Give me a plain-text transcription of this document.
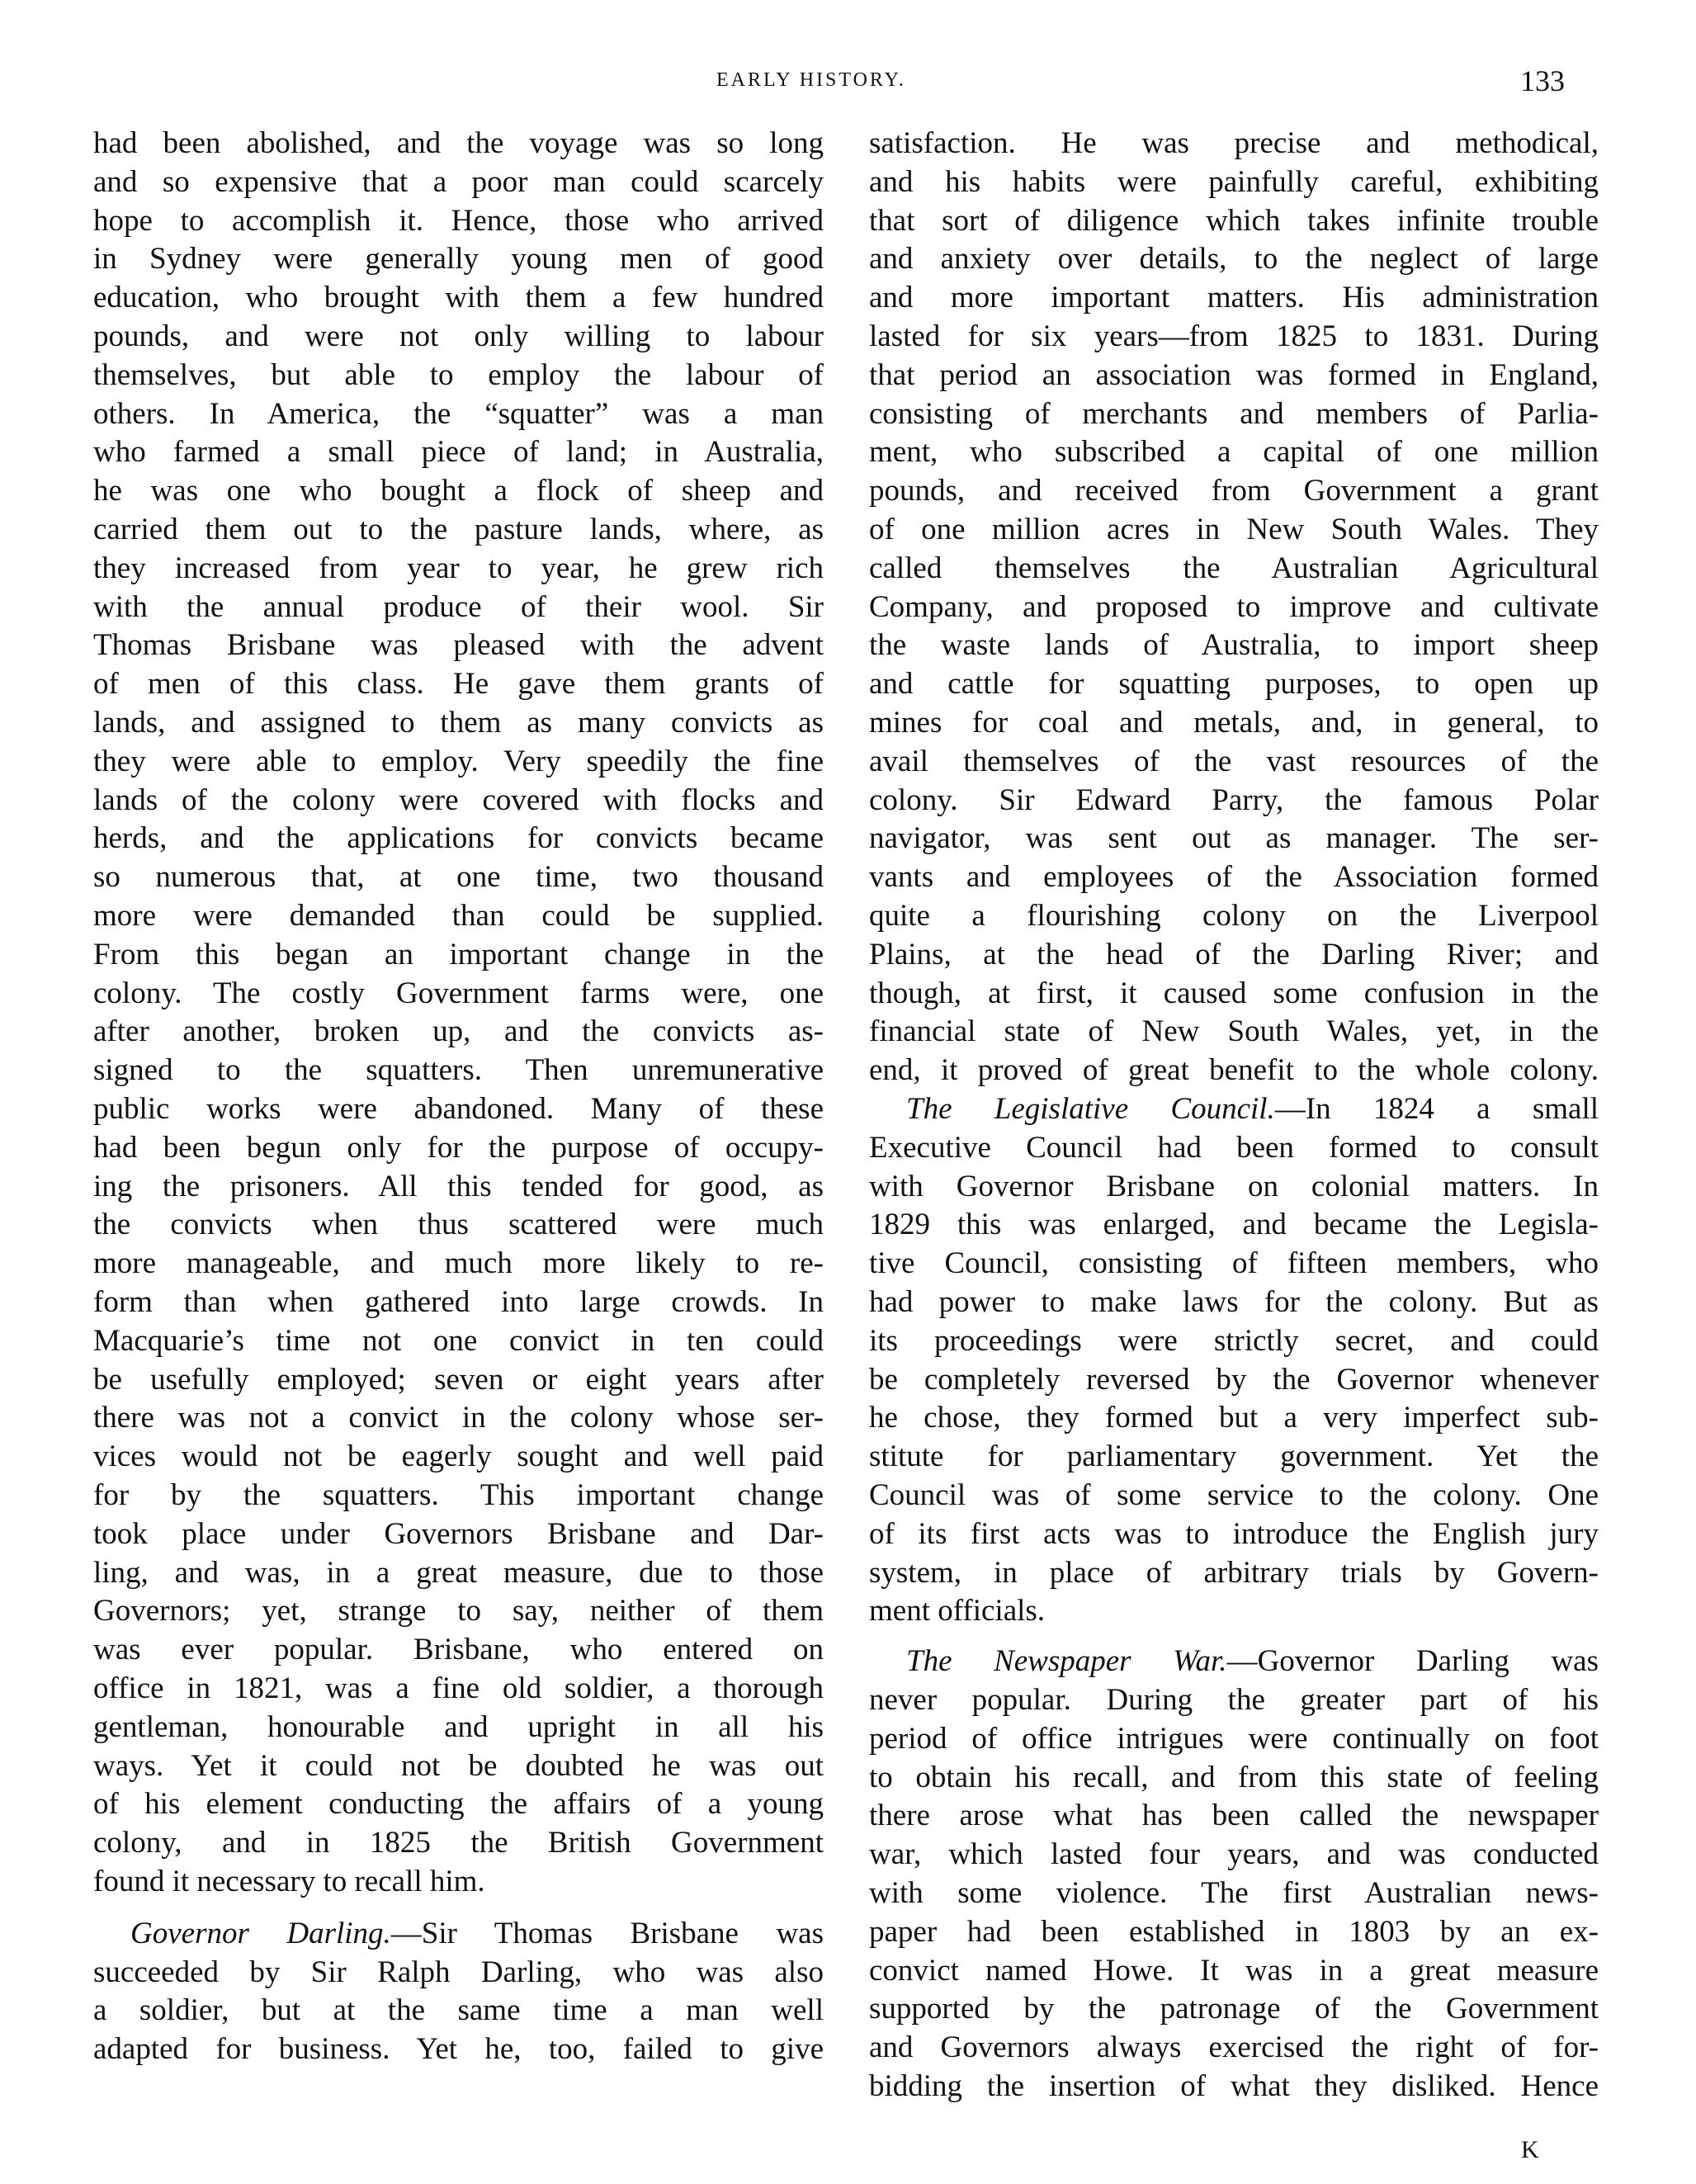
EARLY HISTORY.	133
had been abolished, and the voyage was so long
and so expensive that a poor man could scarcely
hope to accomplish it. Hence, those who arrived
in Sydney were generally young men of good
education, who brought with them a few hundred
pounds, and were not only willing to labour
themselves, but able to employ the labour of
others. In America, the “squatter” was a man
who farmed a small piece of land; in Australia,
he was one who bought a flock of sheep and
carried them out to the pasture lands, where, as
they increased from year to year, he grew rich
with the annual produce of their wool. Sir
Thomas Brisbane was pleased with the advent
of men of this class. He gave them grants of
lands, and assigned to them as many convicts as
they were able to employ. Very speedily the fine
lands of the colony were covered with flocks and
herds, and the applications for convicts became
so numerous that, at one time, two thousand
more were demanded than could be supplied.
From this began an important change in the
colony. The costly Government farms were, one
after another, broken up, and the convicts as-
signed to the squatters. Then unremunerative
public works were abandoned. Many of these
had been begun only for the purpose of occupy-
ing the prisoners. All this tended for good, as
the convicts when thus scattered were much
more manageable, and much more likely to re-
form than when gathered into large crowds. In
Macquarie’s time not one convict in ten could
be usefully employed; seven or eight years after
there was not a convict in the colony whose ser-
vices would not be eagerly sought and well paid
for by the squatters. This important change
took place under Governors Brisbane and Dar-
ling, and was, in a great measure, due to those
Governors; yet, strange to say, neither of them
was ever popular. Brisbane, who entered on
office in 1821, was a fine old soldier, a thorough
gentleman, honourable and upright in all his
ways. Yet it could not be doubted he was out
of his element conducting the affairs of a young
colony, and in 1825 the British Government
found it necessary to recall him.
Governor Darling.—Sir Thomas Brisbane was
succeeded by Sir Ralph Darling, who was also
a soldier, but at the same time a man well
adapted for business. Yet he, too, failed to give
satisfaction. He was precise and methodical,
and his habits were painfully careful, exhibiting
that sort of diligence which takes infinite trouble
and anxiety over details, to the neglect of large
and more important matters. His administration
lasted for six years—from 1825 to 1831. During
that period an association was formed in England,
consisting of merchants and members of Parlia-
ment, who subscribed a capital of one million
pounds, and received from Government a grant
of one million acres in New South Wales. They
called themselves the Australian Agricultural
Company, and proposed to improve and cultivate
the waste lands of Australia, to import sheep
and cattle for squatting purposes, to open up
mines for coal and metals, and, in general, to
avail themselves of the vast resources of the
colony. Sir Edward Parry, the famous Polar
navigator, was sent out as manager. The ser-
vants and employees of the Association formed
quite a flourishing colony on the Liverpool
Plains, at the head of the Darling River; and
though, at first, it caused some confusion in the
financial state of New South Wales, yet, in the
end, it proved of great benefit to the whole colony.
The Legislative Council.—In 1824 a small
Executive Council had been formed to consult
with Governor Brisbane on colonial matters. In
1829 this was enlarged, and became the Legisla-
tive Council, consisting of fifteen members, who
had power to make laws for the colony. But as
its proceedings were strictly secret, and could
be completely reversed by the Governor whenever
he chose, they formed but a very imperfect sub-
stitute for parliamentary government. Yet the
Council was of some service to the colony. One
of its first acts was to introduce the English jury
system, in place of arbitrary trials by Govern-
ment officials.
The Newspaper War.—Governor Darling was
never popular. During the greater part of his
period of office intrigues were continually on foot
to obtain his recall, and from this state of feeling
there arose what has been called the newspaper
war, which lasted four years, and was conducted
with some violence. The first Australian news-
paper had been established in 1803 by an ex-
convict named Howe. It was in a great measure
supported by the patronage of the Government
and Governors always exercised the right of for-
bidding the insertion of what they disliked. Hence
K
